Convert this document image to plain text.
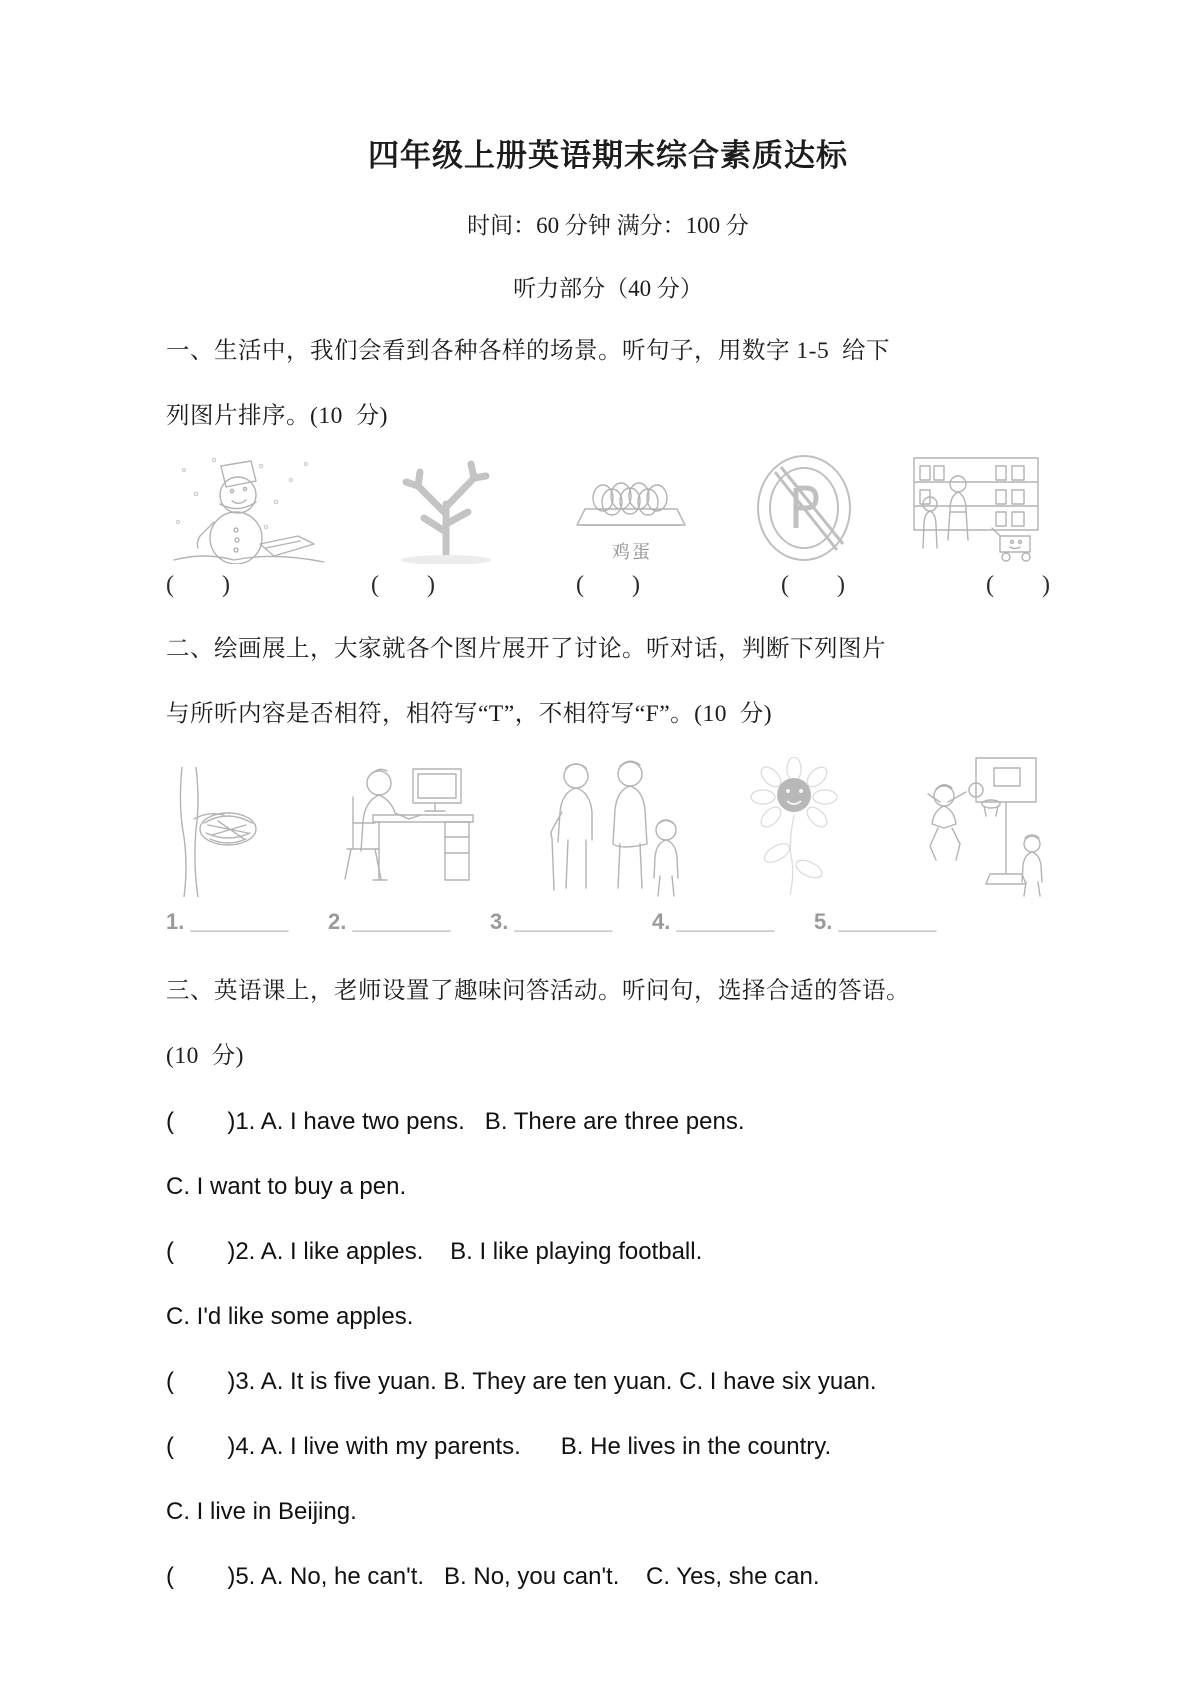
四年级上册英语期末综合素质达标
时间：60 分钟 满分：100 分
听力部分（40 分）
一、生活中，我们会看到各种各样的场景。听句子，用数字 1-5  给下
列图片排序。(10  分)
鸡蛋
(        )	(        )	(        )	(        )	(        )
二、绘画展上，大家就各个图片展开了讨论。听对话，判断下列图片
与所听内容是否相符，相符写“T”，不相符写“F”。(10  分)
1. ________	2. ________	3. ________	4. ________	5. ________
三、英语课上，老师设置了趣味问答活动。听问句，选择合适的答语。
(10  分)
(        )1. A. I have two pens.   B. There are three pens.
C. I want to buy a pen.
(        )2. A. I like apples.    B. I like playing football.
C. I'd like some apples.
(        )3. A. It is five yuan. B. They are ten yuan. C. I have six yuan.
(        )4. A. I live with my parents.      B. He lives in the country.
C. I live in Beijing.
(        )5. A. No, he can't.   B. No, you can't.    C. Yes, she can.
